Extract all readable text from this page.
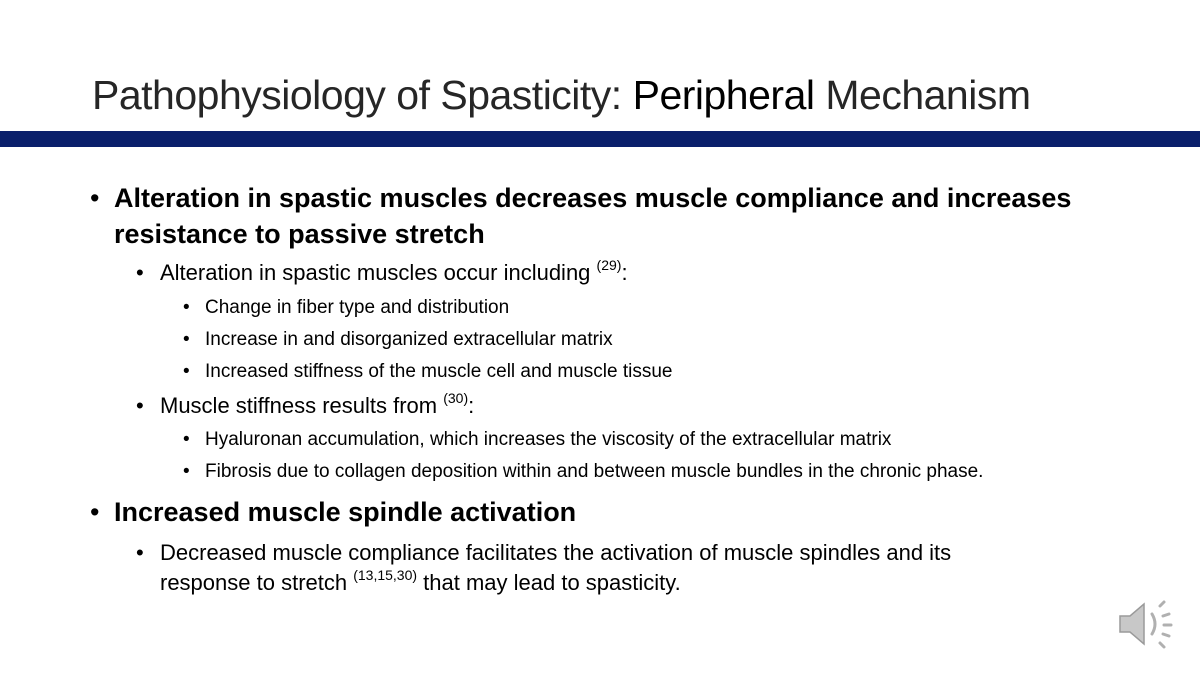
Pathophysiology of Spasticity: Peripheral Mechanism
• Alteration in spastic muscles decreases muscle compliance and increases
resistance to passive stretch
• Alteration in spastic muscles occur including $^{(29)}$:
• Change in fiber type and distribution
• Increase in and disorganized extracellular matrix
• Increased stiffness of the muscle cell and muscle tissue
• Muscle stiffness results from $^{(30)}$:
• Hyaluronan accumulation, which increases the viscosity of the extracellular matrix
• Fibrosis due to collagen deposition within and between muscle bundles in the chronic phase.
• Increased muscle spindle activation
• Decreased muscle compliance facilitates the activation of muscle spindles and its
response to stretch $^{(13,15,30)}$ that may lead to spasticity.
